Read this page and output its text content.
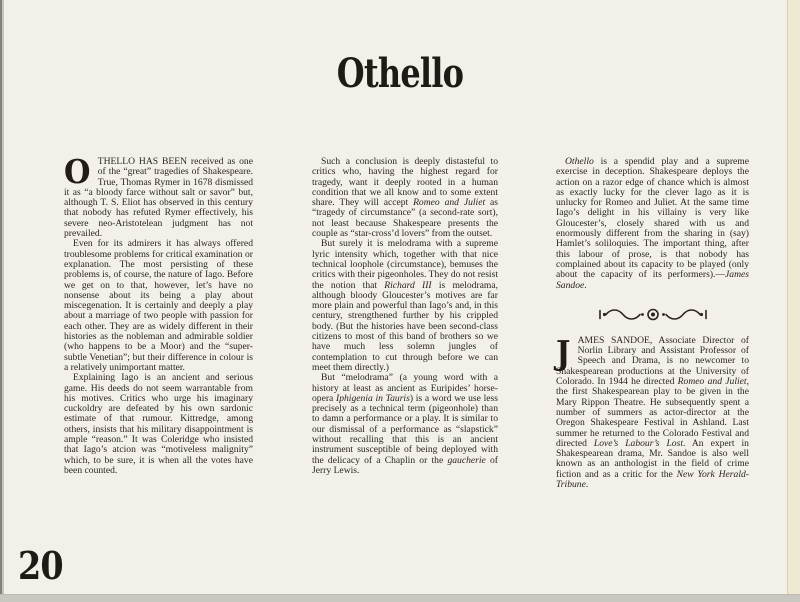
Othello

OTHELLO HAS BEEN received as one of the “great” tragedies of Shakespeare. True, Thomas Rymer in 1678 dismissed it as “a bloody farce without salt or savor” but, although T. S. Eliot has observed in this century that nobody has refuted Rymer effectively, his severe neo-Aristotelean judgment has not prevailed.

Even for its admirers it has always offered troublesome problems for critical examination or explanation. The most persisting of these problems is, of course, the nature of Iago. Before we get on to that, however, let’s have no nonsense about its being a play about miscegenation. It is certainly and deeply a play about a marriage of two people with passion for each other. They are as widely different in their histories as the nobleman and admirable soldier (who happens to be a Moor) and the “super-subtle Venetian”; but their difference in colour is a relatively unimportant matter.

Explaining Iago is an ancient and serious game. His deeds do not seem warrantable from his motives. Critics who urge his imaginary cuckoldry are defeated by his own sardonic estimate of that rumour. Kittredge, among others, insists that his military disappointment is ample “reason.” It was Coleridge who insisted that Iago’s atcion was “motiveless malignity” which, to be sure, it is when all the votes have been counted.

Such a conclusion is deeply distasteful to critics who, having the highest regard for tragedy, want it deeply rooted in a human condition that we all know and to some extent share. They will accept Romeo and Juliet as “tragedy of circumstance” (a second-rate sort), not least because Shakespeare presents the couple as “star-cross’d lovers” from the outset.

But surely it is melodrama with a supreme lyric intensity which, together with that nice technical loophole (circumstance), bemuses the critics with their pigeonholes. They do not resist the notion that Richard III is melodrama, although bloody Gloucester’s motives are far more plain and powerful than Iago’s and, in this century, strengthened further by his crippled body. (But the histories have been second-class citizens to most of this band of brothers so we have much less solemn jungles of contemplation to cut through before we can meet them directly.)

But “melodrama” (a young word with a history at least as ancient as Euripides’ horse-opera Iphigenia in Tauris) is a word we use less precisely as a technical term (pigeonhole) than to damn a performance or a play. It is similar to our dismissal of a performance as “slapstick” without recalling that this is an ancient instrument susceptible of being deployed with the delicacy of a Chaplin or the gaucherie of Jerry Lewis.

Othello is a spendid play and a supreme exercise in deception. Shakespeare deploys the action on a razor edge of chance which is almost as exactly lucky for the clever Iago as it is unlucky for Romeo and Juliet. At the same time Iago’s delight in his villainy is very like Gloucester’s, closely shared with us and enormously different from the sharing in (say) Hamlet’s soliloquies. The important thing, after this labour of prose, is that nobody has complained about its capacity to be played (only about the capacity of its performers).—James Sandoe.

JAMES SANDOE, Associate Director of Norlin Library and Assistant Professor of Speech and Drama, is no newcomer to Shakespearean productions at the University of Colorado. In 1944 he directed Romeo and Juliet, the first Shakespearean play to be given in the Mary Rippon Theatre. He subsequently spent a number of summers as actor-director at the Oregon Shakespeare Festival in Ashland. Last summer he returned to the Colorado Festival and directed Love’s Labour’s Lost. An expert in Shakespearean drama, Mr. Sandoe is also well known as an anthologist in the field of crime fiction and as a critic for the New York Herald-Tribune.

20
